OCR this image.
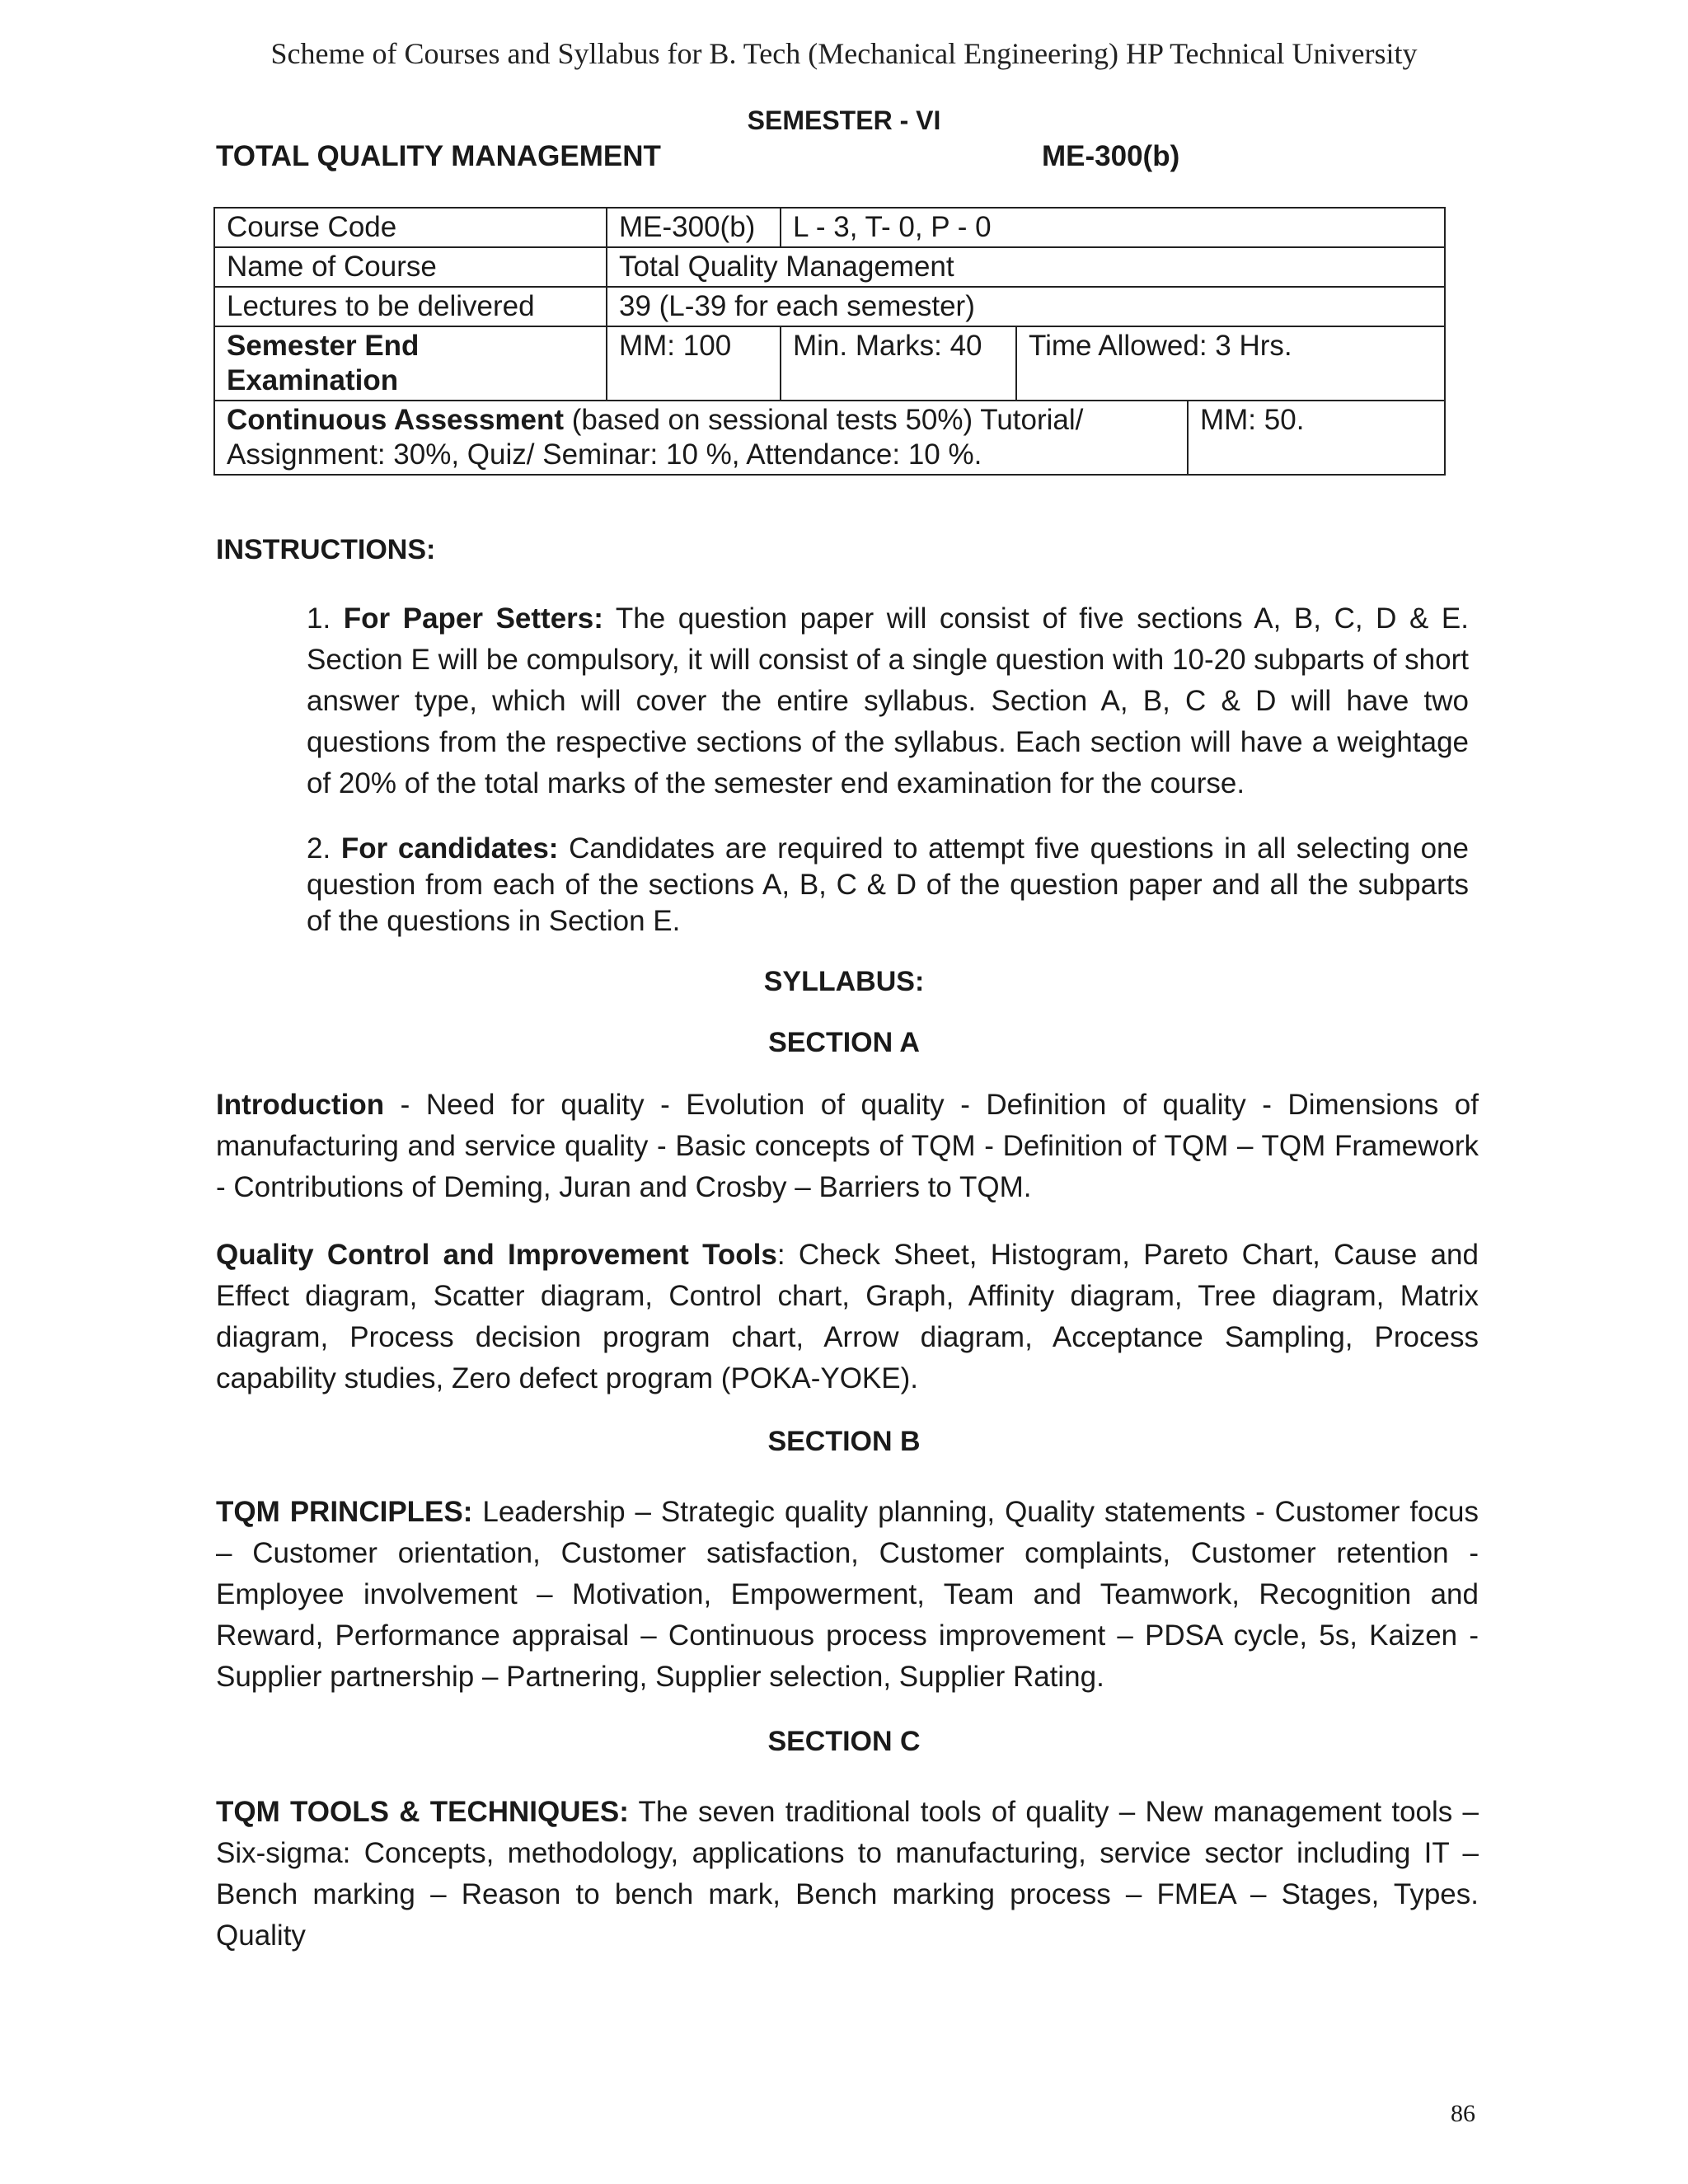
Scheme of Courses and Syllabus for B. Tech (Mechanical Engineering) HP Technical University
SEMESTER - VI
TOTAL QUALITY MANAGEMENT	ME-300(b)
Course Code	ME-300(b)	L - 3, T- 0, P - 0		
Name of Course	Total Quality Management			
Lectures to be delivered	39 (L-39 for each semester)			
Semester End Examination	MM: 100	Min. Marks: 40	Time Allowed: 3 Hrs.	
Continuous Assessment (based on sessional tests 50%) Tutorial/ Assignment: 30%, Quiz/ Seminar: 10 %, Attendance: 10 %.				MM: 50.
INSTRUCTIONS:
1. For Paper Setters: The question paper will consist of five sections A, B, C, D & E. Section E will be compulsory, it will consist of a single question with 10-20 subparts of short answer type, which will cover the entire syllabus. Section A, B, C & D will have two questions from the respective sections of the syllabus. Each section will have a weightage of 20% of the total marks of the semester end examination for the course.
2. For candidates: Candidates are required to attempt five questions in all selecting one question from each of the sections A, B, C & D of the question paper and all the subparts of the questions in Section E.
SYLLABUS:
SECTION A
Introduction - Need for quality - Evolution of quality - Definition of quality - Dimensions of manufacturing and service quality - Basic concepts of TQM - Definition of TQM – TQM Framework - Contributions of Deming, Juran and Crosby – Barriers to TQM.
Quality Control and Improvement Tools: Check Sheet, Histogram, Pareto Chart, Cause and Effect diagram, Scatter diagram, Control chart, Graph, Affinity diagram, Tree diagram, Matrix diagram, Process decision program chart, Arrow diagram, Acceptance Sampling, Process capability studies, Zero defect program (POKA-YOKE).
SECTION B
TQM PRINCIPLES: Leadership – Strategic quality planning, Quality statements - Customer focus – Customer orientation, Customer satisfaction, Customer complaints, Customer retention - Employee involvement – Motivation, Empowerment, Team and Teamwork, Recognition and Reward, Performance appraisal – Continuous process improvement – PDSA cycle, 5s, Kaizen - Supplier partnership – Partnering, Supplier selection, Supplier Rating.
SECTION C
TQM TOOLS & TECHNIQUES: The seven traditional tools of quality – New management tools – Six-sigma: Concepts, methodology, applications to manufacturing, service sector including IT – Bench marking – Reason to bench mark, Bench marking process – FMEA – Stages, Types. Quality
86
